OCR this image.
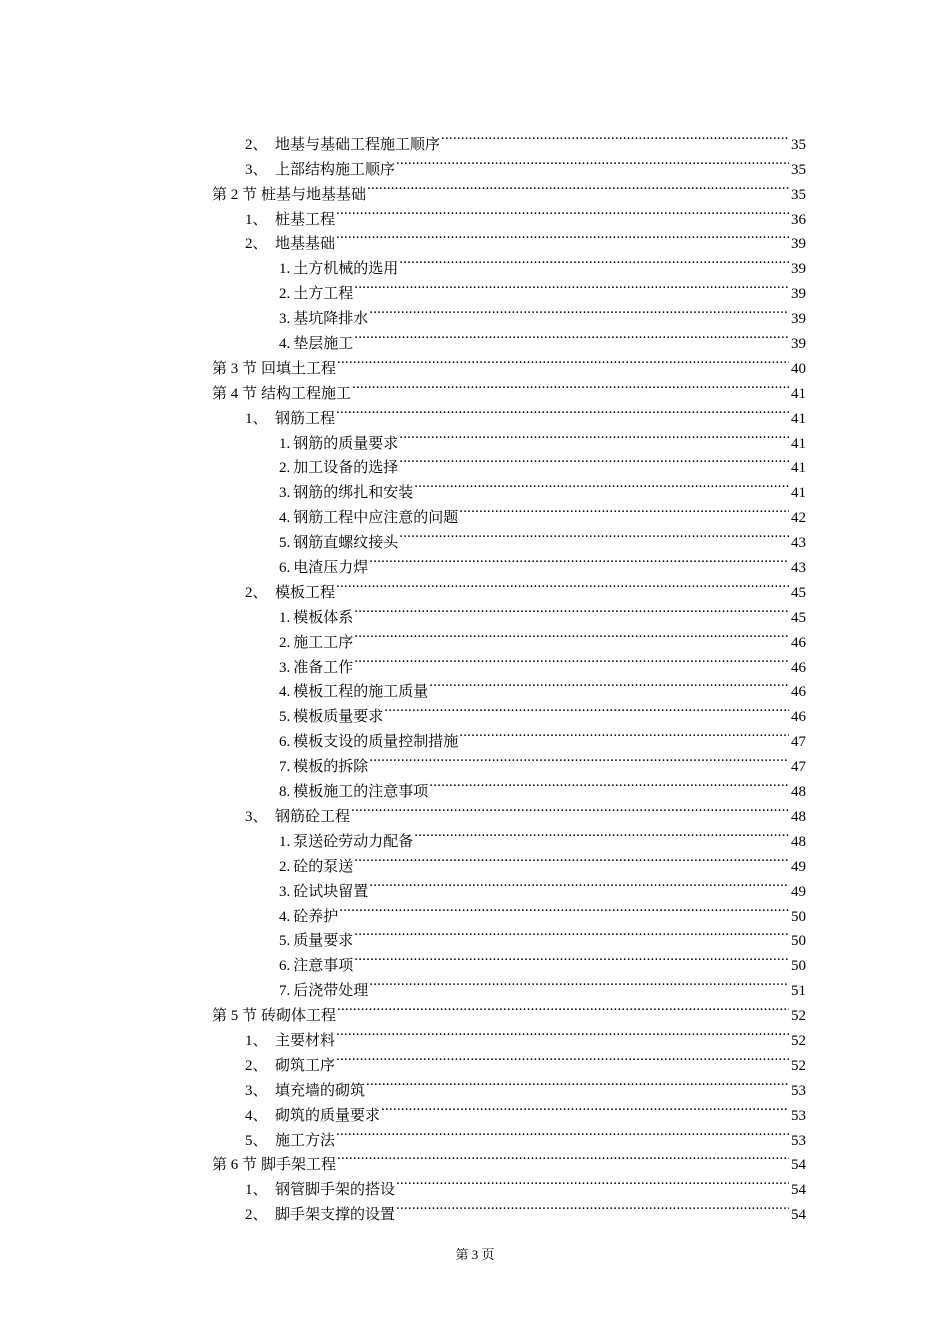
2、 地基与基础工程施工顺序 .....	35
3、 上部结构施工顺序 .....	35
第 2 节 桩基与地基基础 .....	35
1、 桩基工程 .....	36
2、 地基基础 .....	39
1. 土方机械的选用 .....	39
2. 土方工程 .....	39
3. 基坑降排水 .....	39
4. 垫层施工 .....	39
第 3 节 回填土工程 .....	40
第 4 节 结构工程施工 .....	41
1、 钢筋工程 .....	41
1. 钢筋的质量要求 .....	41
2. 加工设备的选择 .....	41
3. 钢筋的绑扎和安装 .....	41
4. 钢筋工程中应注意的问题 .....	42
5. 钢筋直螺纹接头 .....	43
6. 电渣压力焊 .....	43
2、 模板工程 .....	45
1. 模板体系 .....	45
2. 施工工序 .....	46
3. 准备工作 .....	46
4. 模板工程的施工质量 .....	46
5. 模板质量要求 .....	46
6. 模板支设的质量控制措施 .....	47
7. 模板的拆除 .....	47
8. 模板施工的注意事项 .....	48
3、 钢筋砼工程 .....	48
1. 泵送砼劳动力配备 .....	48
2. 砼的泵送 .....	49
3. 砼试块留置 .....	49
4. 砼养护 .....	50
5. 质量要求 .....	50
6. 注意事项 .....	50
7. 后浇带处理 .....	51
第 5 节 砖砌体工程 .....	52
1、 主要材料 .....	52
2、 砌筑工序 .....	52
3、 填充墙的砌筑 .....	53
4、 砌筑的质量要求 .....	53
5、 施工方法 .....	53
第 6 节 脚手架工程 .....	54
1、 钢管脚手架的搭设 .....	54
2、 脚手架支撑的设置 .....	54
第 3 页
